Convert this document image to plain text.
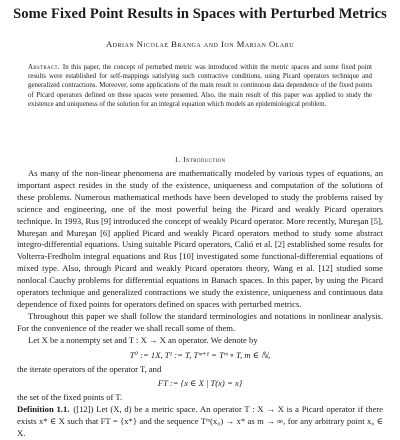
Some Fixed Point Results in Spaces with Perturbed Metrics
Adrian Nicolae Branga and Ion Marian Olaru
Abstract. In this paper, the concept of perturbed metric was introduced within the metric spaces and some fixed point results were established for self-mappings satisfying such contractive conditions, using Picard operators technique and generalized contractions. Moreover, some applications of the main result to continuous data dependence of the fixed points of Picard operators defined on these spaces were presented. Also, the main result of this paper was applied to study the existence and uniqueness of the solution for an integral equation which models an epidemiological problem.
1. Introduction

As many of the non-linear phenomena are mathematically modeled by various types of equations, an important aspect resides in the study of the existence, uniqueness and computation of the solutions of these problems. Numerous mathematical methods have been developed to study the problems raised by science and engineering, one of the most powerful being the Picard and weakly Picard operators technique. In 1993, Rus [9] introduced the concept of weakly Picard operator. More recently, Mureşan [5], Mureşan and Mureşan [6] applied Picard and weakly Picard operators method to study some abstract integro-differential equations. Using suitable Picard operators, Calió et al. [2] established some results for Volterra-Fredholm integral equations and Rus [10] investigated some functional-differential equations of mixed type. Also, through Picard and weakly Picard operators theory, Wang et al. [12] studied some nonlocal Cauchy problems for differential equations in Banach spaces. In this paper, by using the Picard operators technique and generalized contractions we study the existence, uniqueness and continuous data dependence of fixed points for operators defined on spaces with perturbed metrics.

Throughout this paper we shall follow the standard terminologies and notations in nonlinear analysis. For the convenience of the reader we shall recall some of them.

Let X be a nonempty set and T : X → X an operator. We denote by

T⁰ := 1X, T¹ := T, Tᵐ⁺¹ = Tᵐ ∘ T, m ∈ ℕ,

the iterate operators of the operator T, and

FT := {x ∈ X | T(x) = x}

the set of the fixed points of T.

Definition 1.1. ([12]) Let (X, d) be a metric space. An operator T : X → X is a Picard operator if there exists x* ∈ X such that FT = {x*} and the sequence Tᵐ(x₀) → x* as m → ∞, for any arbitrary point x₀ ∈ X.
